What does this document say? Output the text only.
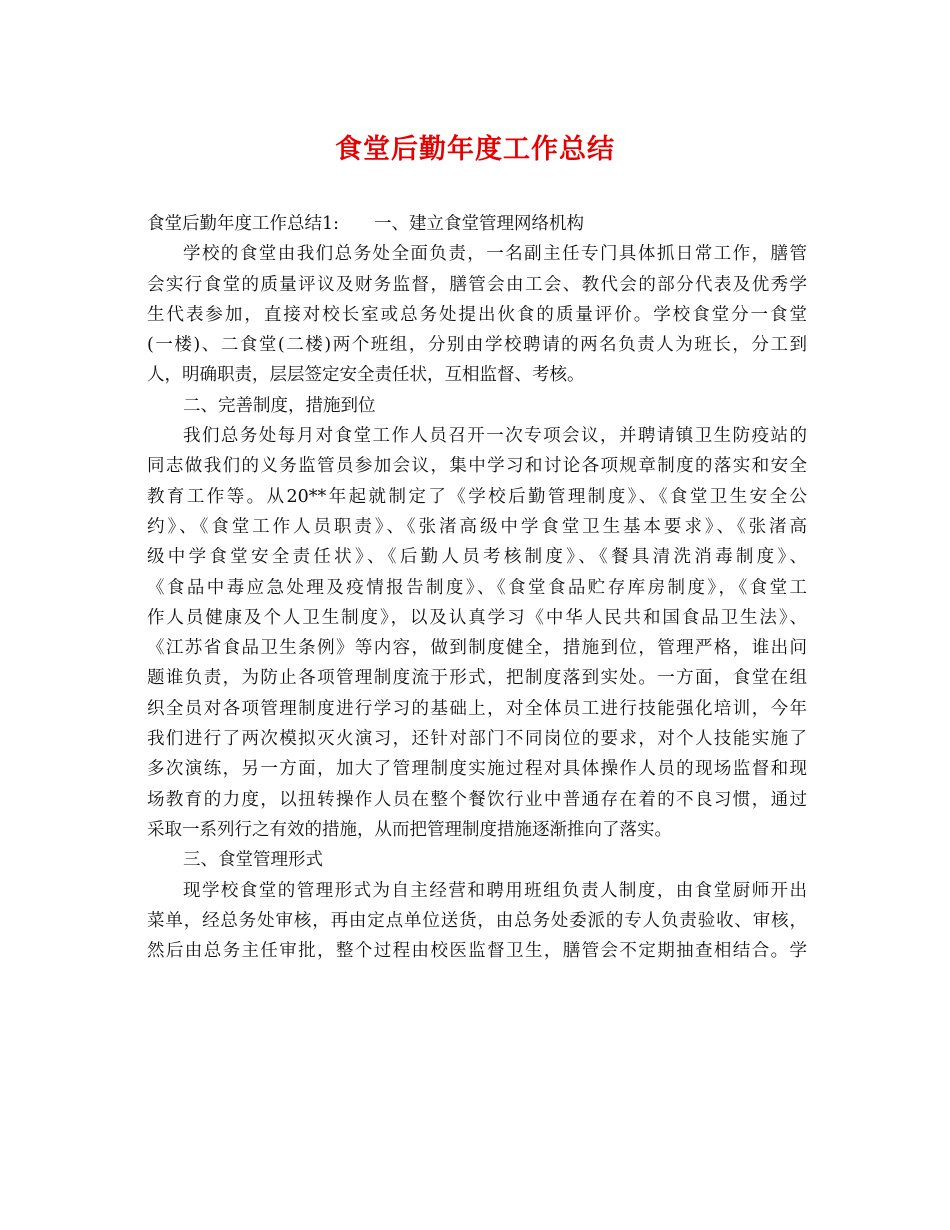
食堂后勤年度工作总结
食堂后勤年度工作总结1:　　一、建立食堂管理网络机构
学校的食堂由我们总务处全面负责，一名副主任专门具体抓日常工作，膳管
会实行食堂的质量评议及财务监督，膳管会由工会、教代会的部分代表及优秀学
生代表参加，直接对校长室或总务处提出伙食的质量评价。学校食堂分一食堂
(一楼)、二食堂(二楼)两个班组，分别由学校聘请的两名负责人为班长，分工到
人，明确职责，层层签定安全责任状，互相监督、考核。
二、完善制度，措施到位
我们总务处每月对食堂工作人员召开一次专项会议，并聘请镇卫生防疫站的
同志做我们的义务监管员参加会议，集中学习和讨论各项规章制度的落实和安全
教育工作等。从20**年起就制定了《学校后勤管理制度》、《食堂卫生安全公
约》、《食堂工作人员职责》、《张渚高级中学食堂卫生基本要求》、《张渚高
级中学食堂安全责任状》、《后勤人员考核制度》、《餐具清洗消毒制度》、
《食品中毒应急处理及疫情报告制度》、《食堂食品贮存库房制度》，《食堂工
作人员健康及个人卫生制度》，以及认真学习《中华人民共和国食品卫生法》、
《江苏省食品卫生条例》等内容，做到制度健全，措施到位，管理严格，谁出问
题谁负责，为防止各项管理制度流于形式，把制度落到实处。一方面，食堂在组
织全员对各项管理制度进行学习的基础上，对全体员工进行技能强化培训，今年
我们进行了两次模拟灭火演习，还针对部门不同岗位的要求，对个人技能实施了
多次演练，另一方面，加大了管理制度实施过程对具体操作人员的现场监督和现
场教育的力度，以扭转操作人员在整个餐饮行业中普通存在着的不良习惯，通过
采取一系列行之有效的措施，从而把管理制度措施逐渐推向了落实。
三、食堂管理形式
现学校食堂的管理形式为自主经营和聘用班组负责人制度，由食堂厨师开出
菜单，经总务处审核，再由定点单位送货，由总务处委派的专人负责验收、审核，
然后由总务主任审批，整个过程由校医监督卫生，膳管会不定期抽查相结合。学
